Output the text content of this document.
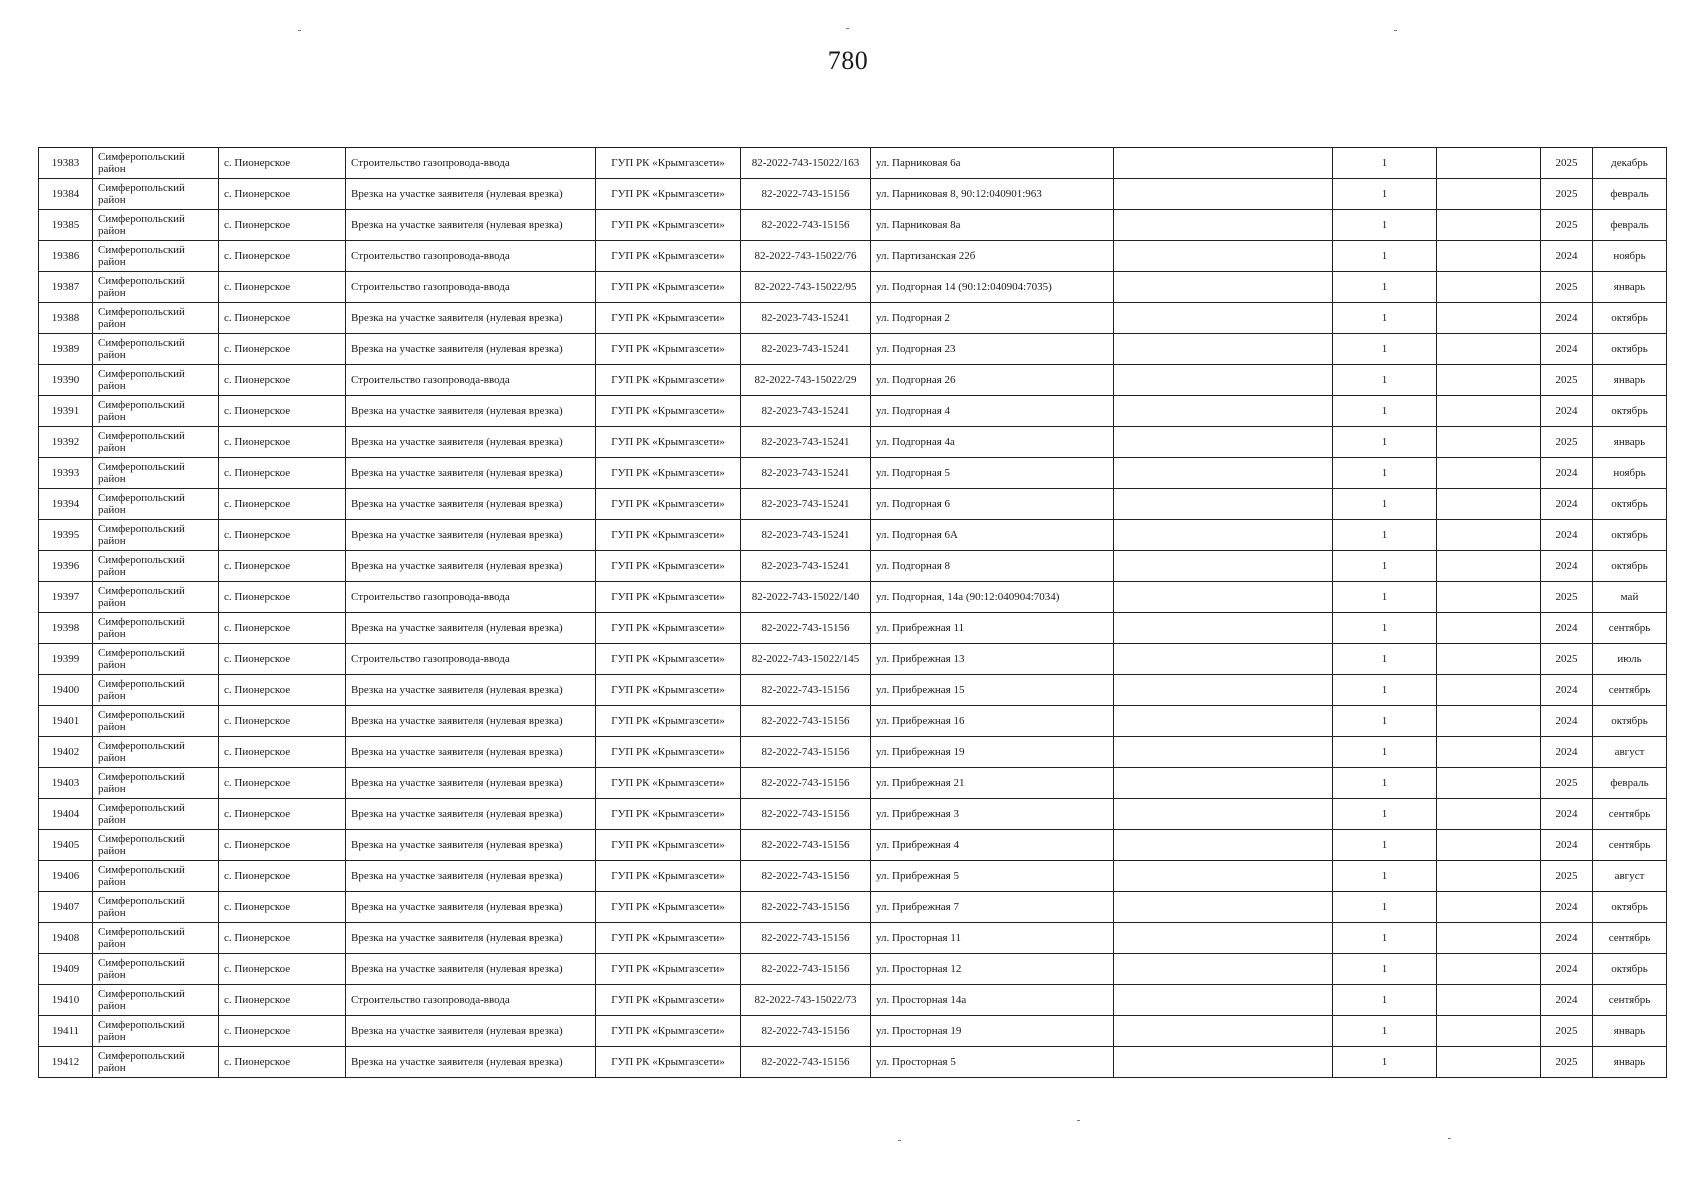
780
19383	Симферопольский район	с. Пионерское	Строительство газопровода-ввода	ГУП РК «Крымгазсети»	82-2022-743-15022/163	ул. Парниковая 6а		1		2025	декабрь
19384	Симферопольский район	с. Пионерское	Врезка на участке заявителя (нулевая врезка)	ГУП РК «Крымгазсети»	82-2022-743-15156	ул. Парниковая 8, 90:12:040901:963		1		2025	февраль
19385	Симферопольский район	с. Пионерское	Врезка на участке заявителя (нулевая врезка)	ГУП РК «Крымгазсети»	82-2022-743-15156	ул. Парниковая 8а		1		2025	февраль
19386	Симферопольский район	с. Пионерское	Строительство газопровода-ввода	ГУП РК «Крымгазсети»	82-2022-743-15022/76	ул. Партизанская 22б		1		2024	ноябрь
19387	Симферопольский район	с. Пионерское	Строительство газопровода-ввода	ГУП РК «Крымгазсети»	82-2022-743-15022/95	ул. Подгорная 14 (90:12:040904:7035)		1		2025	январь
19388	Симферопольский район	с. Пионерское	Врезка на участке заявителя (нулевая врезка)	ГУП РК «Крымгазсети»	82-2023-743-15241	ул. Подгорная 2		1		2024	октябрь
19389	Симферопольский район	с. Пионерское	Врезка на участке заявителя (нулевая врезка)	ГУП РК «Крымгазсети»	82-2023-743-15241	ул. Подгорная 23		1		2024	октябрь
19390	Симферопольский район	с. Пионерское	Строительство газопровода-ввода	ГУП РК «Крымгазсети»	82-2022-743-15022/29	ул. Подгорная 26		1		2025	январь
19391	Симферопольский район	с. Пионерское	Врезка на участке заявителя (нулевая врезка)	ГУП РК «Крымгазсети»	82-2023-743-15241	ул. Подгорная 4		1		2024	октябрь
19392	Симферопольский район	с. Пионерское	Врезка на участке заявителя (нулевая врезка)	ГУП РК «Крымгазсети»	82-2023-743-15241	ул. Подгорная 4а		1		2025	январь
19393	Симферопольский район	с. Пионерское	Врезка на участке заявителя (нулевая врезка)	ГУП РК «Крымгазсети»	82-2023-743-15241	ул. Подгорная 5		1		2024	ноябрь
19394	Симферопольский район	с. Пионерское	Врезка на участке заявителя (нулевая врезка)	ГУП РК «Крымгазсети»	82-2023-743-15241	ул. Подгорная 6		1		2024	октябрь
19395	Симферопольский район	с. Пионерское	Врезка на участке заявителя (нулевая врезка)	ГУП РК «Крымгазсети»	82-2023-743-15241	ул. Подгорная 6А		1		2024	октябрь
19396	Симферопольский район	с. Пионерское	Врезка на участке заявителя (нулевая врезка)	ГУП РК «Крымгазсети»	82-2023-743-15241	ул. Подгорная 8		1		2024	октябрь
19397	Симферопольский район	с. Пионерское	Строительство газопровода-ввода	ГУП РК «Крымгазсети»	82-2022-743-15022/140	ул. Подгорная, 14а (90:12:040904:7034)		1		2025	май
19398	Симферопольский район	с. Пионерское	Врезка на участке заявителя (нулевая врезка)	ГУП РК «Крымгазсети»	82-2022-743-15156	ул. Прибрежная 11		1		2024	сентябрь
19399	Симферопольский район	с. Пионерское	Строительство газопровода-ввода	ГУП РК «Крымгазсети»	82-2022-743-15022/145	ул. Прибрежная 13		1		2025	июль
19400	Симферопольский район	с. Пионерское	Врезка на участке заявителя (нулевая врезка)	ГУП РК «Крымгазсети»	82-2022-743-15156	ул. Прибрежная 15		1		2024	сентябрь
19401	Симферопольский район	с. Пионерское	Врезка на участке заявителя (нулевая врезка)	ГУП РК «Крымгазсети»	82-2022-743-15156	ул. Прибрежная 16		1		2024	октябрь
19402	Симферопольский район	с. Пионерское	Врезка на участке заявителя (нулевая врезка)	ГУП РК «Крымгазсети»	82-2022-743-15156	ул. Прибрежная 19		1		2024	август
19403	Симферопольский район	с. Пионерское	Врезка на участке заявителя (нулевая врезка)	ГУП РК «Крымгазсети»	82-2022-743-15156	ул. Прибрежная 21		1		2025	февраль
19404	Симферопольский район	с. Пионерское	Врезка на участке заявителя (нулевая врезка)	ГУП РК «Крымгазсети»	82-2022-743-15156	ул. Прибрежная 3		1		2024	сентябрь
19405	Симферопольский район	с. Пионерское	Врезка на участке заявителя (нулевая врезка)	ГУП РК «Крымгазсети»	82-2022-743-15156	ул. Прибрежная 4		1		2024	сентябрь
19406	Симферопольский район	с. Пионерское	Врезка на участке заявителя (нулевая врезка)	ГУП РК «Крымгазсети»	82-2022-743-15156	ул. Прибрежная 5		1		2025	август
19407	Симферопольский район	с. Пионерское	Врезка на участке заявителя (нулевая врезка)	ГУП РК «Крымгазсети»	82-2022-743-15156	ул. Прибрежная 7		1		2024	октябрь
19408	Симферопольский район	с. Пионерское	Врезка на участке заявителя (нулевая врезка)	ГУП РК «Крымгазсети»	82-2022-743-15156	ул. Просторная 11		1		2024	сентябрь
19409	Симферопольский район	с. Пионерское	Врезка на участке заявителя (нулевая врезка)	ГУП РК «Крымгазсети»	82-2022-743-15156	ул. Просторная 12		1		2024	октябрь
19410	Симферопольский район	с. Пионерское	Строительство газопровода-ввода	ГУП РК «Крымгазсети»	82-2022-743-15022/73	ул. Просторная 14а		1		2024	сентябрь
19411	Симферопольский район	с. Пионерское	Врезка на участке заявителя (нулевая врезка)	ГУП РК «Крымгазсети»	82-2022-743-15156	ул. Просторная 19		1		2025	январь
19412	Симферопольский район	с. Пионерское	Врезка на участке заявителя (нулевая врезка)	ГУП РК «Крымгазсети»	82-2022-743-15156	ул. Просторная 5		1		2025	январь
